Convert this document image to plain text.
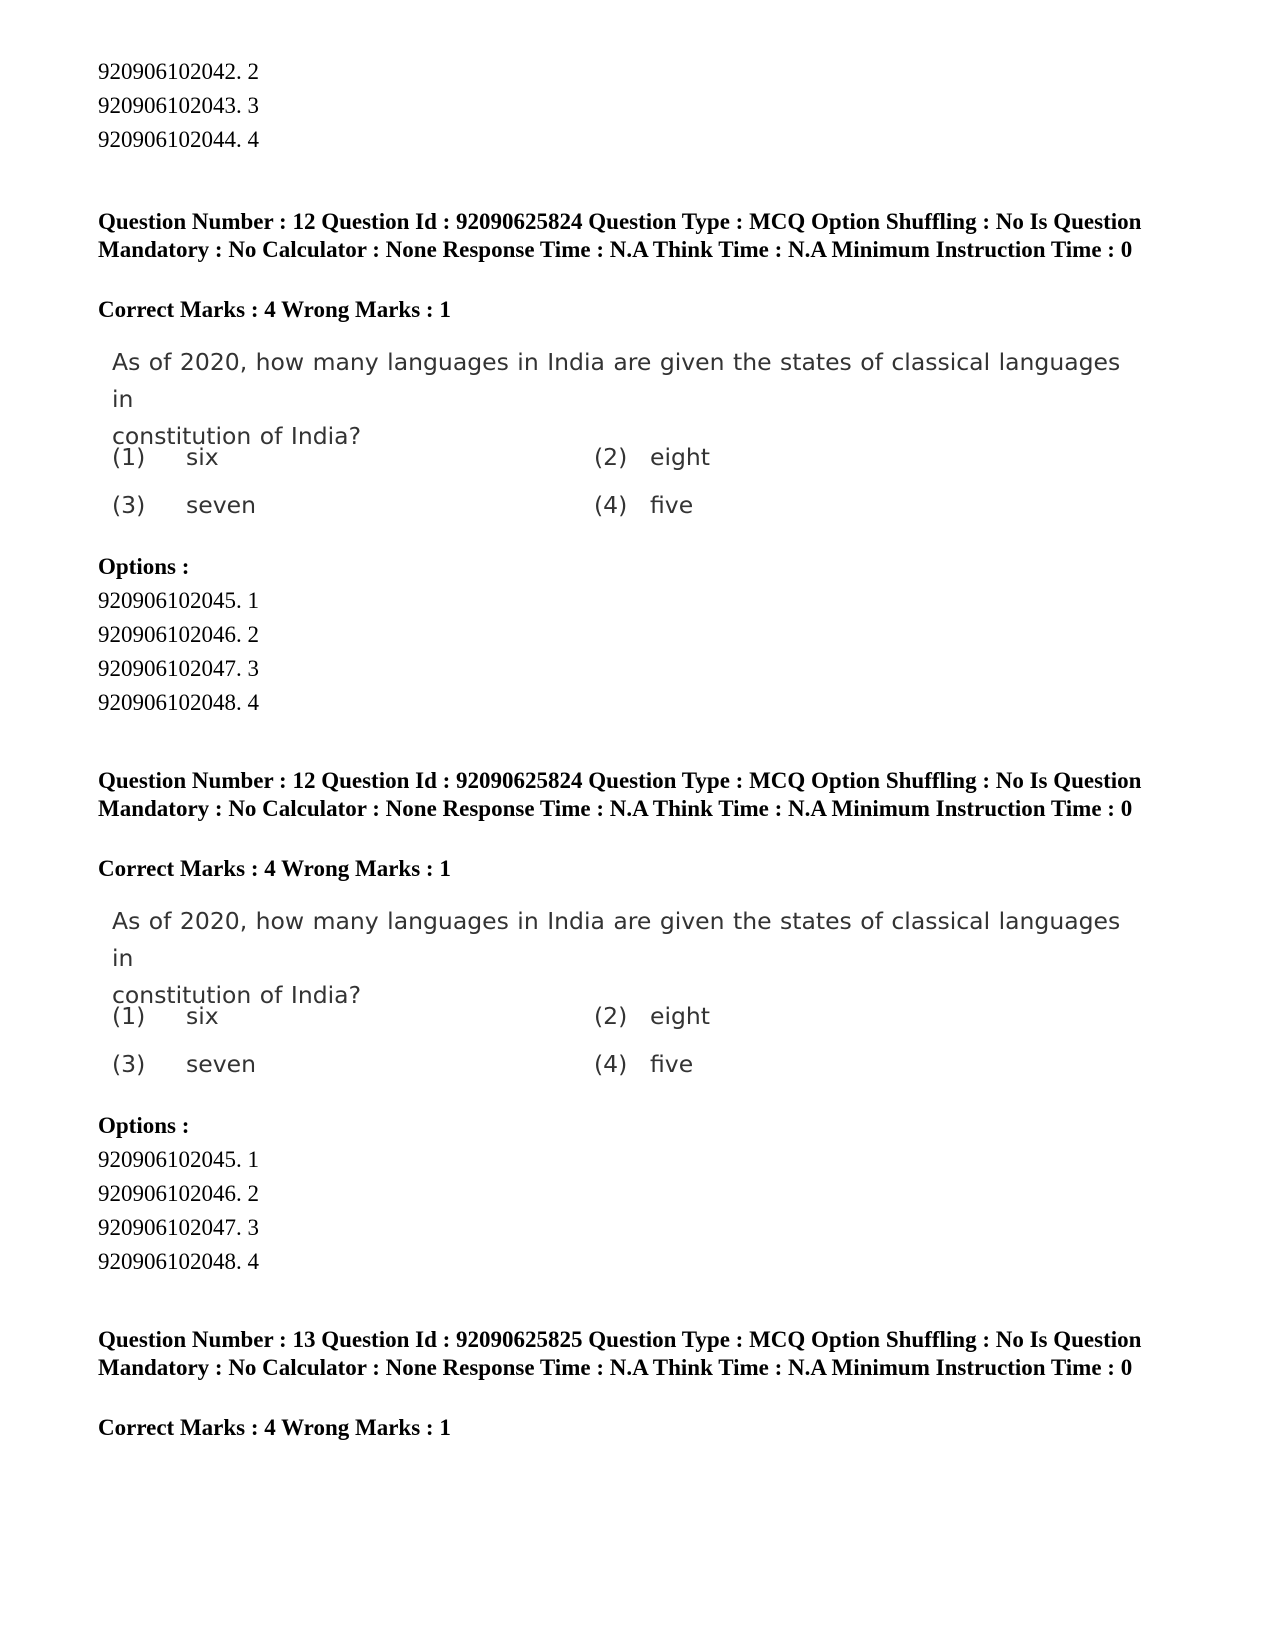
920906102042. 2
920906102043. 3
920906102044. 4
Question Number : 12 Question Id : 92090625824 Question Type : MCQ Option Shuffling : No Is Question Mandatory : No Calculator : None Response Time : N.A Think Time : N.A Minimum Instruction Time : 0
Correct Marks : 4 Wrong Marks : 1
As of 2020, how many languages in India are given the states of classical languages in
constitution of India?
(1) six	(2) eight
(3) seven	(4) five
Options :
920906102045. 1
920906102046. 2
920906102047. 3
920906102048. 4
Question Number : 12 Question Id : 92090625824 Question Type : MCQ Option Shuffling : No Is Question Mandatory : No Calculator : None Response Time : N.A Think Time : N.A Minimum Instruction Time : 0
Correct Marks : 4 Wrong Marks : 1
As of 2020, how many languages in India are given the states of classical languages in
constitution of India?
(1) six	(2) eight
(3) seven	(4) five
Options :
920906102045. 1
920906102046. 2
920906102047. 3
920906102048. 4
Question Number : 13 Question Id : 92090625825 Question Type : MCQ Option Shuffling : No Is Question Mandatory : No Calculator : None Response Time : N.A Think Time : N.A Minimum Instruction Time : 0
Correct Marks : 4 Wrong Marks : 1
